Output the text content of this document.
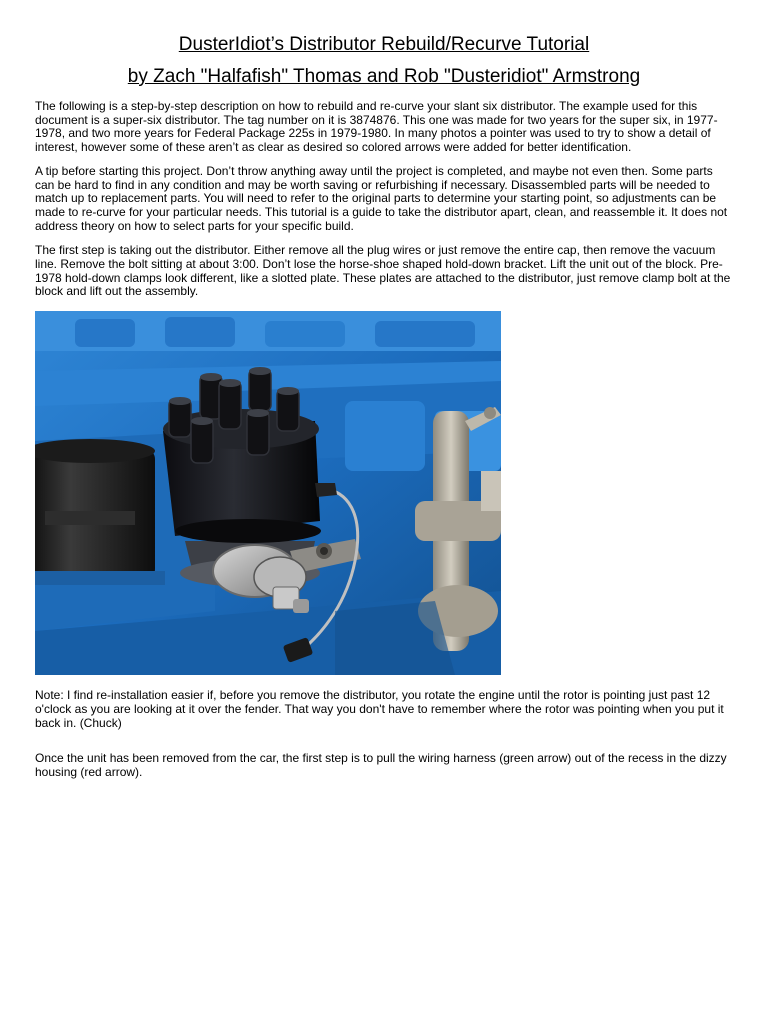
DusterIdiot’s Distributor Rebuild/Recurve Tutorial
by Zach "Halfafish" Thomas and Rob "Dusteridiot" Armstrong

The following is a step-by-step description on how to rebuild and re-curve your slant six distributor. The example used for this document is a super-six distributor. The tag number on it is 3874876. This one was made for two years for the super six, in 1977-1978, and two more years for Federal Package 225s in 1979-1980. In many photos a pointer was used to try to show a detail of interest, however some of these aren’t as clear as desired so colored arrows were added for better identification.

A tip before starting this project. Don’t throw anything away until the project is completed, and maybe not even then. Some parts can be hard to find in any condition and may be worth saving or refurbishing if necessary. Disassembled parts will be needed to match up to replacement parts. You will need to refer to the original parts to determine your starting point, so adjustments can be made to re-curve for your particular needs. This tutorial is a guide to take the distributor apart, clean, and reassemble it. It does not address theory on how to select parts for your specific build.

The first step is taking out the distributor. Either remove all the plug wires or just remove the entire cap, then remove the vacuum line. Remove the bolt sitting at about 3:00. Don’t lose the horse-shoe shaped hold-down bracket. Lift the unit out of the block. Pre-1978 hold-down clamps look different, like a slotted plate. These plates are attached to the distributor, just remove clamp bolt at the block and lift out the assembly.

Note: I find re-installation easier if, before you remove the distributor, you rotate the engine until the rotor is pointing just past 12 o'clock as you are looking at it over the fender. That way you don't have to remember where the rotor was pointing when you put it back in. (Chuck)

Once the unit has been removed from the car, the first step is to pull the wiring harness (green arrow) out of the recess in the dizzy housing (red arrow).
